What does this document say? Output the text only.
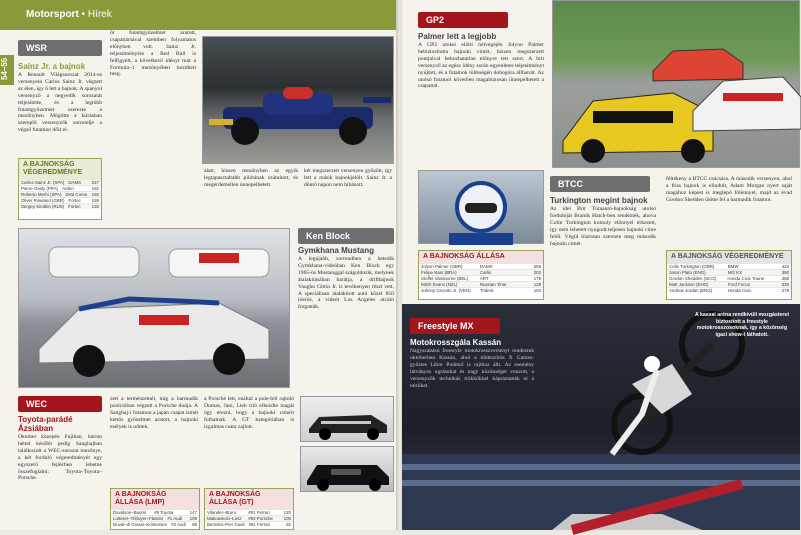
Motorsport • Hírek
54–55
WSR
Sainz Jr. a bajnok
A Renault Világsorozat 2014-es versenyein Carlos Sainz Jr. végzett az élen, így ő lett a bajnok. A spanyol versenyző a negyedik sorozatát teljesítette, és a legtöbb futamgyőzelmet szerezte a mezőnyben. Mögötte a kiírásban szereplő versenyzők sorrendje a végső futamon dőlt el.
öt futamgyőzelmet aratott, csapattársával szemben folyamatos előnyben volt. Sainz Jr. teljesítményére a Red Bull is felfigyelt, a következő idényt már a Formula–1 mezőnyében kezdheti meg.
alatt, hiszen mezőnyben az egyik legtapasztaltabb pilótának számított, és megérdemelten ünnepelhetett.
két megszerzett versenyen győzött, így lett a másik bajnokjelölt. Sainz Jr. a döntő napon nem hibázott.
A BAJNOKSÁG VÉGEREDMÉNYE
Carlos Sainz Jr. (SPA) DAMS	227
Pierre Gasly (FRA) Arden	192
Roberto Merhi (SPA) Zeta Corse	160
Oliver Rowland (GBR) Fortec	159
Sergey Sirotkin (RUS) Fortec	132
WEC
Toyota-parádé Ázsiában
Oktober közepén Fujiban, három héttel később pedig Sanghajban találkozott a WEC-sorozat mezőnye, a két forduló végeredményét egy egyszerű fejlécben lehetne összefoglalni: Toyota–Toyota–Porsche.
zett a természetnél, míg a harmadik pozícióban végzett a Porsche duója. A Sanghaj-i futamon a japán csapat ismét kettős győzelmet aratott, a bajnoki esélyek is nőttek.
a Porsché lett, ezáltal a pole-ból rajtoló Dumas, Jani, Lieb trió elkezdte magát úgy érezni, hogy a bajnoki címért futhatnak. A GT kategóriában is izgalmas csata zajlott.
A BAJNOKSÁG ÁLLÁSA (LMP)
Davidson–Buemi	#8 Toyota	147
Lotterer–Tréluyer–Fässler #1 Audi	109
Duval–di Grassi–Kristensen #2 Audi	99
A BAJNOKSÁG ÁLLÁSA (GT)
Vilander–Bruni	#51 Ferrari	120
Makowiecki–Lietz	#92 Porsche	105
Bertolini–Pier Guidi #81 Ferrari	92
Ken Block
Gymkhana Mustang
A legújabb, sorrendben a hetedik Gymkhana-videóban Ken Block egy 1965-ös Mustanggal száguldozik, melynek átalakításában barátja, a driftbajnok Vaughn Gittin Jr. is tevékenyen részt vett. A speciálisan átalakított autó közel 850 lóerős, a videót Los Angeles utcáin forgatták.
GP2
Palmer lett a legjobb
A GP2 utolsó előtti hétvégéjén Jolyon Palmer bebiztosította bajnoki címét, hiszen megszerzett pontjaival behozhatatlan előnyre tett szert. A brit versenyző az egész idény során egyenletes teljesítményt nyújtott, és a futamok többségén dobogóra állhatott. Az utolsó futamot követően magabiztosan ünnepelhetett a csapattal.
A BAJNOKSÁG ÁLLÁSA
Jolyon Palmer (GBR)	DAMS	256
Felipe Nasr (BRA)	Carlin	202
Stoffel Vandoorne (BEL)	ART	179
Mitch Evans (NZL)	Russian Time	128
Johnny Cecotto Jr. (VEN)	Trident	104
BTCC
Turkington megint bajnok
Az idei Brit Túraautó-bajnokság utolsó fordulóját Brands Hatch-ben rendezték, ahova Colin Turkington komoly előnnyel érkezett, így nem lehetett nyugodt teljesen bajnoki címe felől. Végül biztosan szerezte meg második bajnoki címét.
féltékeny a BTCC csúcsára. A második versenyen, ahol a friss bajnok is elindult, Adam Morgan nyert saját magához képest is meglepő fölénnyel, majd az évad Gordon Shedden ütötte fel a harmadik futamot.
A BAJNOKSÁG VÉGEREDMÉNYE
Colin Turkington (GBR)	BMW	434
Jason Plato (ENG)	MG KX	390
Gordon Shedden (SCO)	Honda Civic Tourer	358
Matt Jackson (ENG)	Ford Focus	330
Andrew Jordan (ENG)	Honda Civic	278
Freestyle MX
Motokrosszgála Kassán
Nagyszabású freestyle motokrosszversenyt rendeztek októberben Kassán, ahol a többszörös X Games-győztes Libor Podmol is rajthoz állt. Az esemény látványos ugrásokat és nagy közönséget vonzott, a versenyzők technikás trükkökkel kápráztatták el a nézőket.
A kassai aréna rendkívüli mozgásteret biztosított a freestyle motokrosszosoknak, így a közönség igazi show-t láthatott.
